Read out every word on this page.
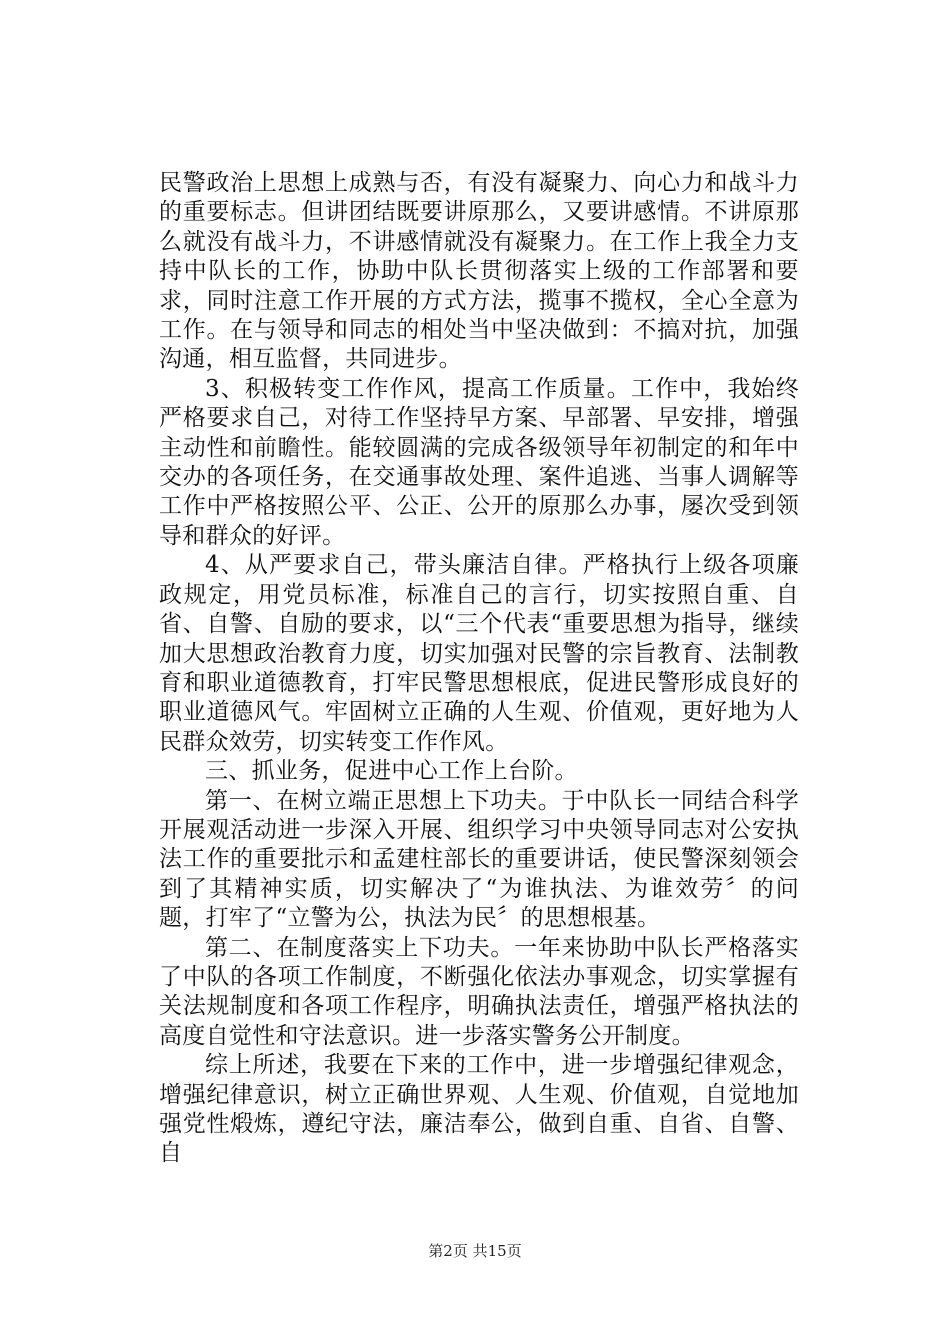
民警政治上思想上成熟与否，有没有凝聚力、向心力和战斗力的重要标志。但讲团结既要讲原那么，又要讲感情。不讲原那么就没有战斗力，不讲感情就没有凝聚力。在工作上我全力支持中队长的工作，协助中队长贯彻落实上级的工作部署和要求，同时注意工作开展的方式方法，揽事不揽权，全心全意为工作。在与领导和同志的相处当中坚决做到：不搞对抗，加强沟通，相互监督，共同进步。

3、积极转变工作作风，提高工作质量。工作中，我始终严格要求自己，对待工作坚持早方案、早部署、早安排，增强主动性和前瞻性。能较圆满的完成各级领导年初制定的和年中交办的各项任务，在交通事故处理、案件追逃、当事人调解等工作中严格按照公平、公正、公开的原那么办事，屡次受到领导和群众的好评。

4、从严要求自己，带头廉洁自律。严格执行上级各项廉政规定，用党员标准，标准自己的言行，切实按照自重、自省、自警、自励的要求，以“三个代表“重要思想为指导，继续加大思想政治教育力度，切实加强对民警的宗旨教育、法制教育和职业道德教育，打牢民警思想根底，促进民警形成良好的职业道德风气。牢固树立正确的人生观、价值观，更好地为人民群众效劳，切实转变工作作风。

三、抓业务，促进中心工作上台阶。

第一、在树立端正思想上下功夫。于中队长一同结合科学开展观活动进一步深入开展、组织学习中央领导同志对公安执法工作的重要批示和孟建柱部长的重要讲话，使民警深刻领会到了其精神实质，切实解决了“为谁执法、为谁效劳〞的问题，打牢了“立警为公，执法为民〞的思想根基。

第二、在制度落实上下功夫。一年来协助中队长严格落实了中队的各项工作制度，不断强化依法办事观念，切实掌握有关法规制度和各项工作程序，明确执法责任，增强严格执法的高度自觉性和守法意识。进一步落实警务公开制度。

综上所述，我要在下来的工作中，进一步增强纪律观念，增强纪律意识，树立正确世界观、人生观、价值观，自觉地加强党性煅炼，遵纪守法，廉洁奉公，做到自重、自省、自警、自

第2页 共15页
